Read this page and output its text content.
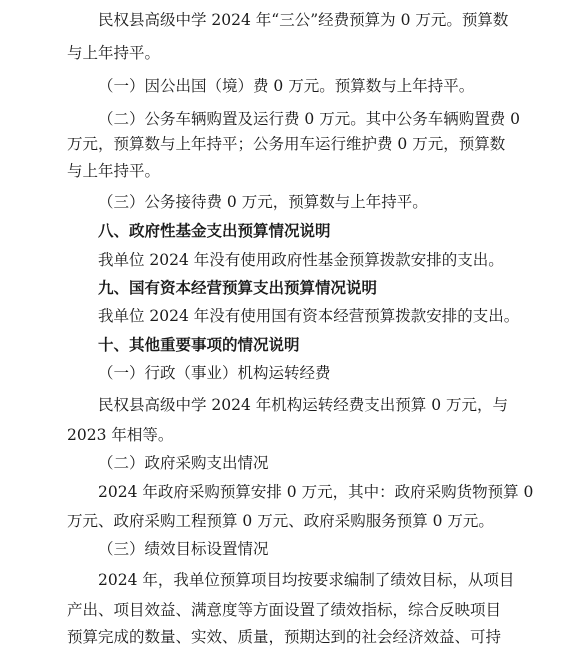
民权县高级中学 2024 年“三公”经费预算为 0 万元。预算数
与上年持平。
（一）因公出国（境）费 0 万元。预算数与上年持平。
（二）公务车辆购置及运行费 0 万元。其中公务车辆购置费 0
万元，预算数与上年持平；公务用车运行维护费 0 万元，预算数
与上年持平。
（三）公务接待费 0 万元，预算数与上年持平。
八、政府性基金支出预算情况说明
我单位 2024 年没有使用政府性基金预算拨款安排的支出。
九、国有资本经营预算支出预算情况说明
我单位 2024 年没有使用国有资本经营预算拨款安排的支出。
十、其他重要事项的情况说明
（一）行政（事业）机构运转经费
民权县高级中学 2024 年机构运转经费支出预算 0 万元，与
2023 年相等。
（二）政府采购支出情况
2024 年政府采购预算安排 0 万元，其中：政府采购货物预算 0
万元、政府采购工程预算 0 万元、政府采购服务预算 0 万元。
（三）绩效目标设置情况
2024 年，我单位预算项目均按要求编制了绩效目标，从项目
产出、项目效益、满意度等方面设置了绩效指标，综合反映项目
预算完成的数量、实效、质量，预期达到的社会经济效益、可持
